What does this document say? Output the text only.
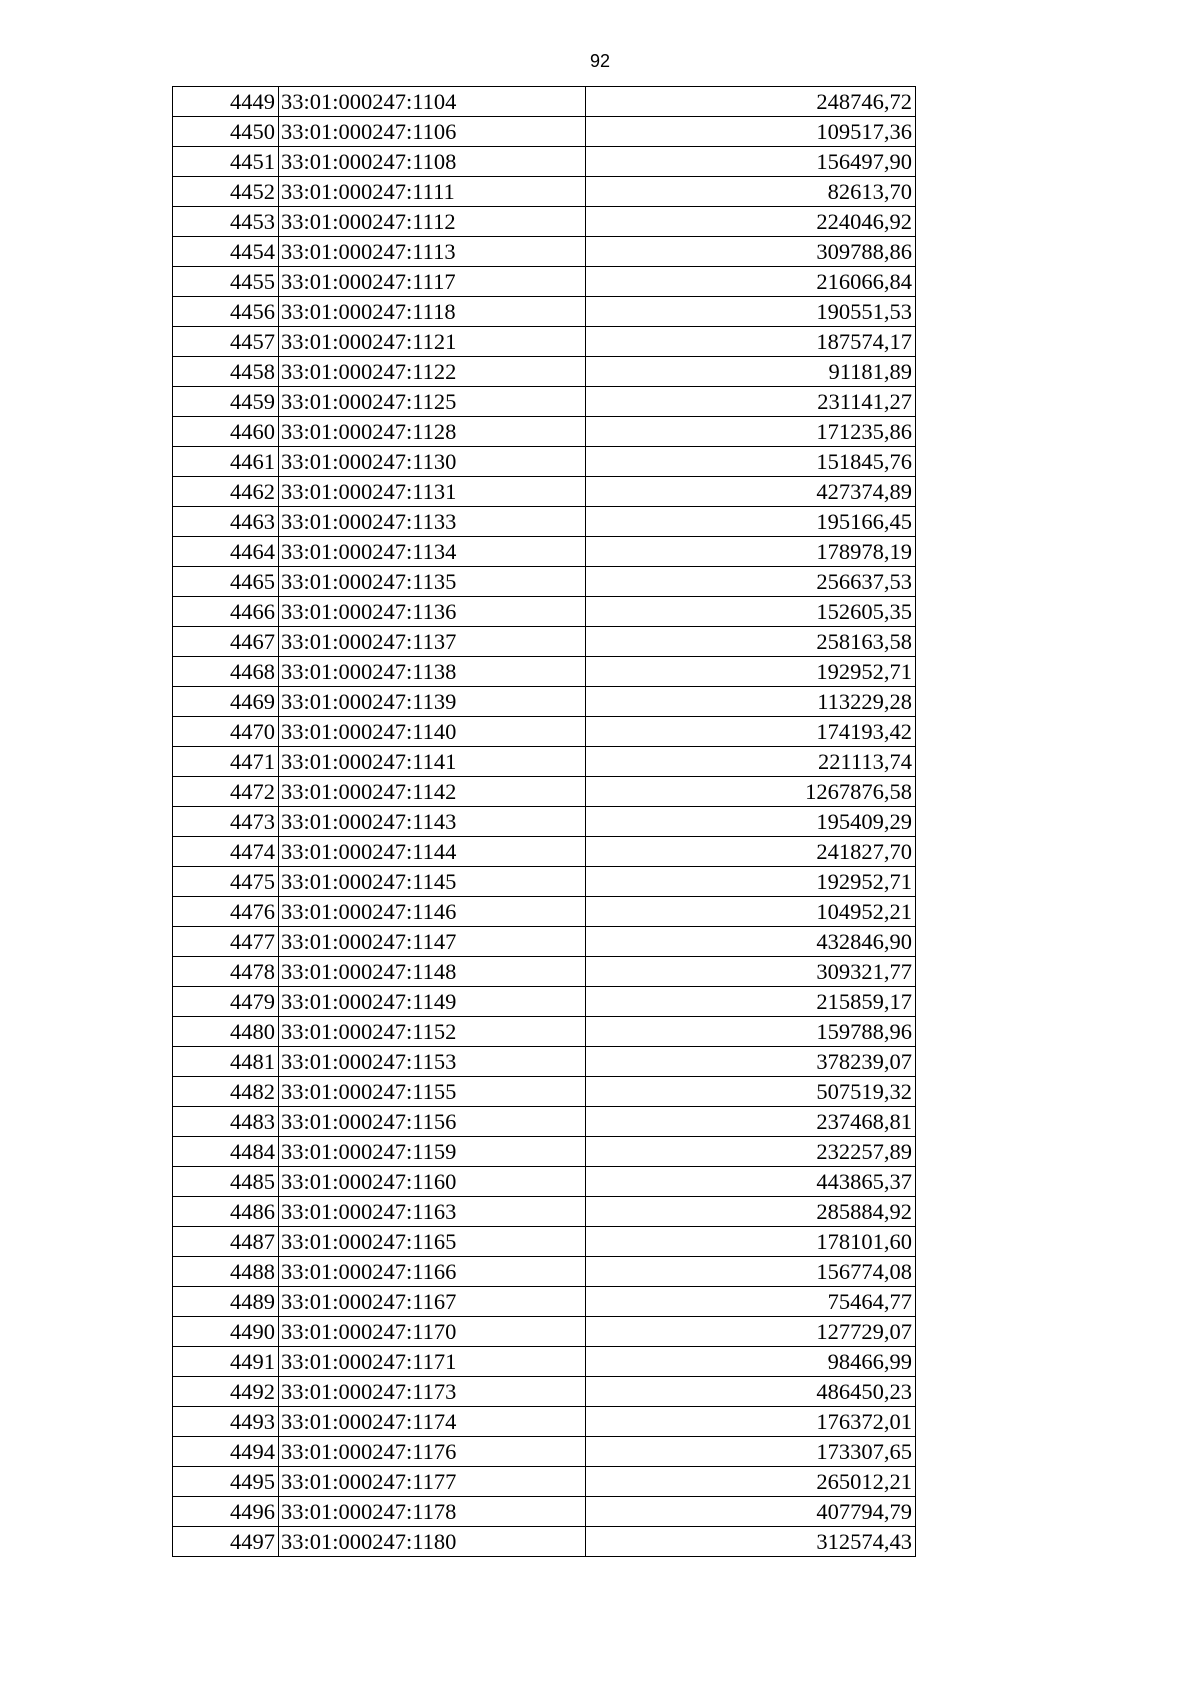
92
4449	33:01:000247:1104	248746,72
4450	33:01:000247:1106	109517,36
4451	33:01:000247:1108	156497,90
4452	33:01:000247:1111	82613,70
4453	33:01:000247:1112	224046,92
4454	33:01:000247:1113	309788,86
4455	33:01:000247:1117	216066,84
4456	33:01:000247:1118	190551,53
4457	33:01:000247:1121	187574,17
4458	33:01:000247:1122	91181,89
4459	33:01:000247:1125	231141,27
4460	33:01:000247:1128	171235,86
4461	33:01:000247:1130	151845,76
4462	33:01:000247:1131	427374,89
4463	33:01:000247:1133	195166,45
4464	33:01:000247:1134	178978,19
4465	33:01:000247:1135	256637,53
4466	33:01:000247:1136	152605,35
4467	33:01:000247:1137	258163,58
4468	33:01:000247:1138	192952,71
4469	33:01:000247:1139	113229,28
4470	33:01:000247:1140	174193,42
4471	33:01:000247:1141	221113,74
4472	33:01:000247:1142	1267876,58
4473	33:01:000247:1143	195409,29
4474	33:01:000247:1144	241827,70
4475	33:01:000247:1145	192952,71
4476	33:01:000247:1146	104952,21
4477	33:01:000247:1147	432846,90
4478	33:01:000247:1148	309321,77
4479	33:01:000247:1149	215859,17
4480	33:01:000247:1152	159788,96
4481	33:01:000247:1153	378239,07
4482	33:01:000247:1155	507519,32
4483	33:01:000247:1156	237468,81
4484	33:01:000247:1159	232257,89
4485	33:01:000247:1160	443865,37
4486	33:01:000247:1163	285884,92
4487	33:01:000247:1165	178101,60
4488	33:01:000247:1166	156774,08
4489	33:01:000247:1167	75464,77
4490	33:01:000247:1170	127729,07
4491	33:01:000247:1171	98466,99
4492	33:01:000247:1173	486450,23
4493	33:01:000247:1174	176372,01
4494	33:01:000247:1176	173307,65
4495	33:01:000247:1177	265012,21
4496	33:01:000247:1178	407794,79
4497	33:01:000247:1180	312574,43
